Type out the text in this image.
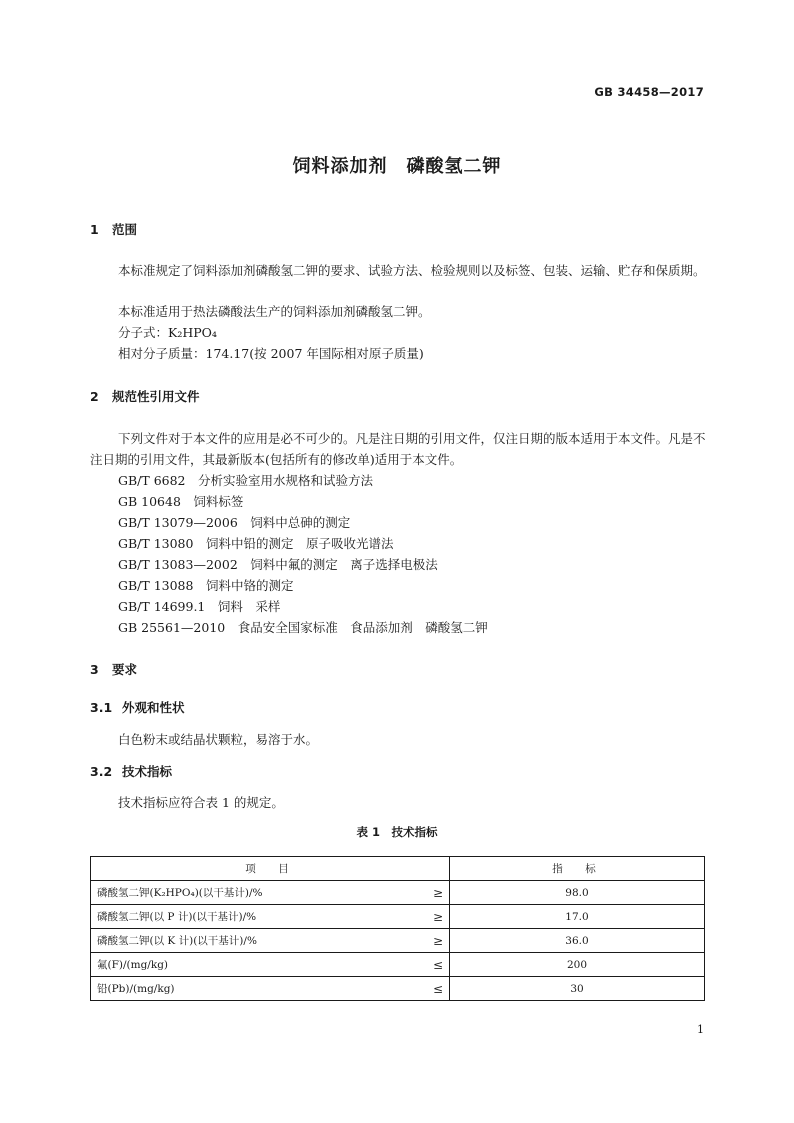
GB 34458—2017
饲料添加剂　磷酸氢二钾
1 范围
本标准规定了饲料添加剂磷酸氢二钾的要求、试验方法、检验规则以及标签、包装、运输、贮存和保质期。
本标准适用于热法磷酸法生产的饲料添加剂磷酸氢二钾。
分子式：K₂HPO₄
相对分子质量：174.17(按 2007 年国际相对原子质量)
2 规范性引用文件
下列文件对于本文件的应用是必不可少的。凡是注日期的引用文件，仅注日期的版本适用于本文件。凡是不注日期的引用文件，其最新版本(包括所有的修改单)适用于本文件。
GB/T 6682　分析实验室用水规格和试验方法
GB 10648　饲料标签
GB/T 13079—2006　饲料中总砷的测定
GB/T 13080　饲料中铅的测定　原子吸收光谱法
GB/T 13083—2002　饲料中氟的测定　离子选择电极法
GB/T 13088　饲料中铬的测定
GB/T 14699.1　饲料　采样
GB 25561—2010　食品安全国家标准　食品添加剂　磷酸氢二钾
3 要求
3.1 外观和性状
白色粉末或结晶状颗粒，易溶于水。
3.2 技术指标
技术指标应符合表 1 的规定。
表 1　技术指标
项　目		指　标
磷酸氢二钾(K₂HPO₄)(以干基计)/%	≥	98.0
磷酸氢二钾(以 P 计)(以干基计)/%	≥	17.0
磷酸氢二钾(以 K 计)(以干基计)/%	≥	36.0
氟(F)/(mg/kg)	≤	200
铅(Pb)/(mg/kg)	≤	30
1
